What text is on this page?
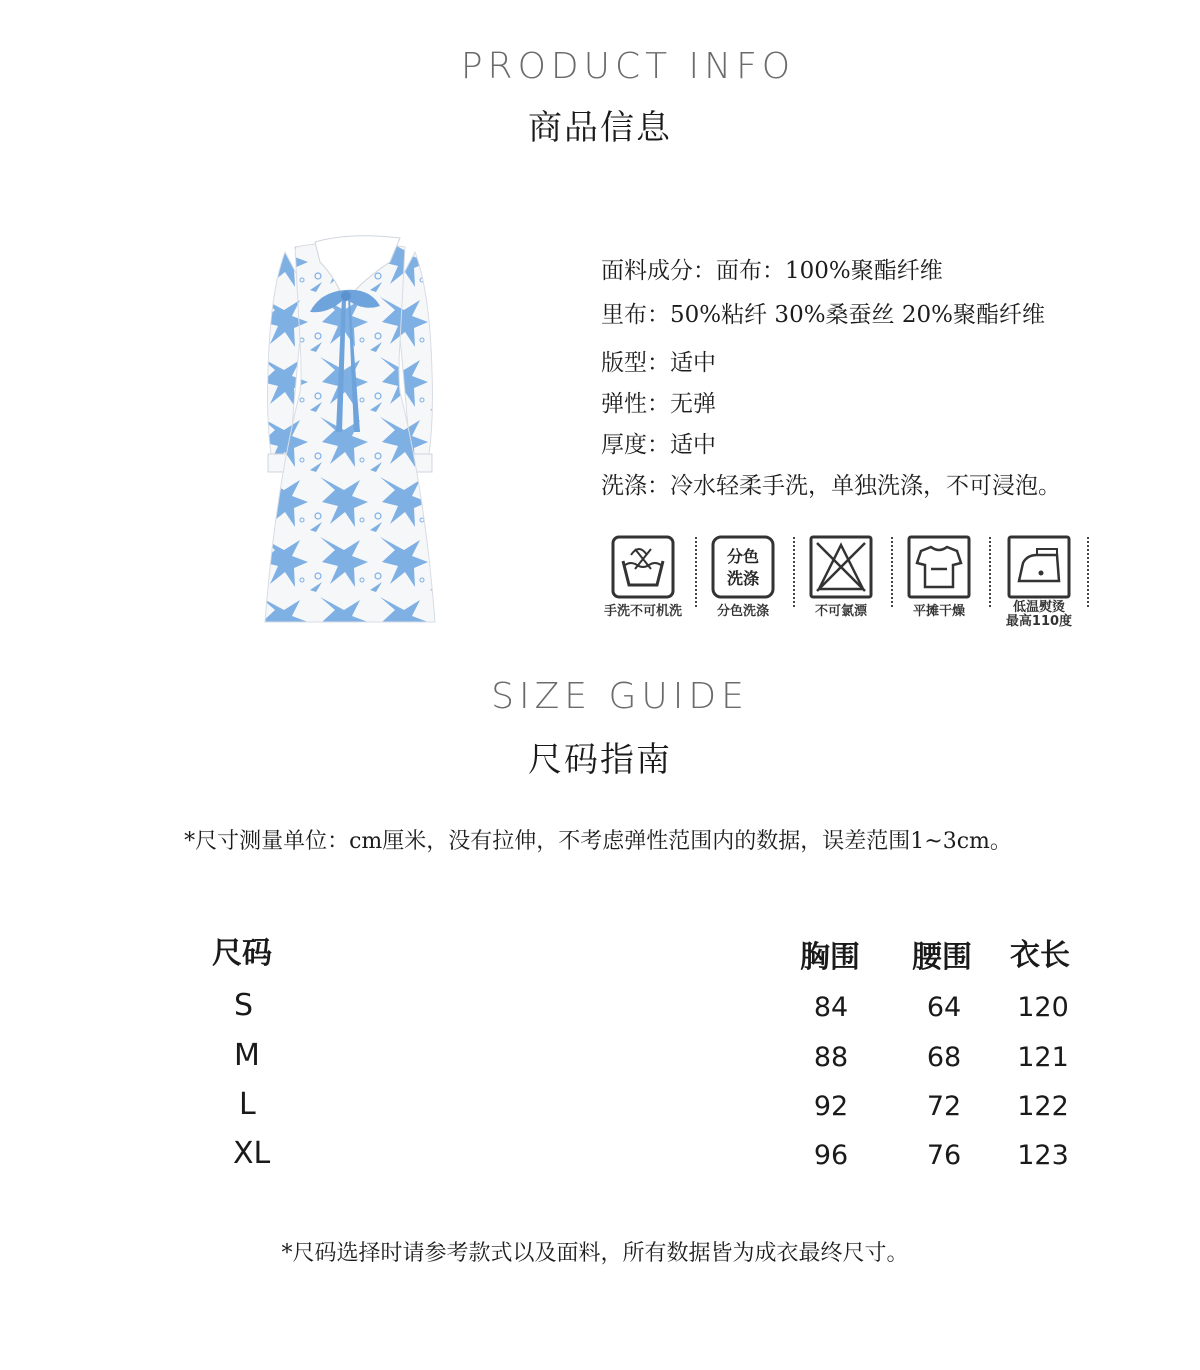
PRODUCT INFO
商品信息
面料成分：面布：100%聚酯纤维
里布：50%粘纤 30%桑蚕丝 20%聚酯纤维
版型：适中
弹性：无弹
厚度：适中
洗涤：冷水轻柔手洗，单独洗涤，不可浸泡。
手洗不可机洗
分色
洗涤
分色洗涤	不可氯漂	平摊干燥	低温熨烫
最高110度
SIZE GUIDE
尺码指南
*尺寸测量单位：cm厘米，没有拉伸，不考虑弹性范围内的数据，误差范围1~3cm。
尺码	胸围 腰围 衣长
S	84	64	120
M	88	68	121
L	92	72	122
XL	96	76	123
*尺码选择时请参考款式以及面料，所有数据皆为成衣最终尺寸。
